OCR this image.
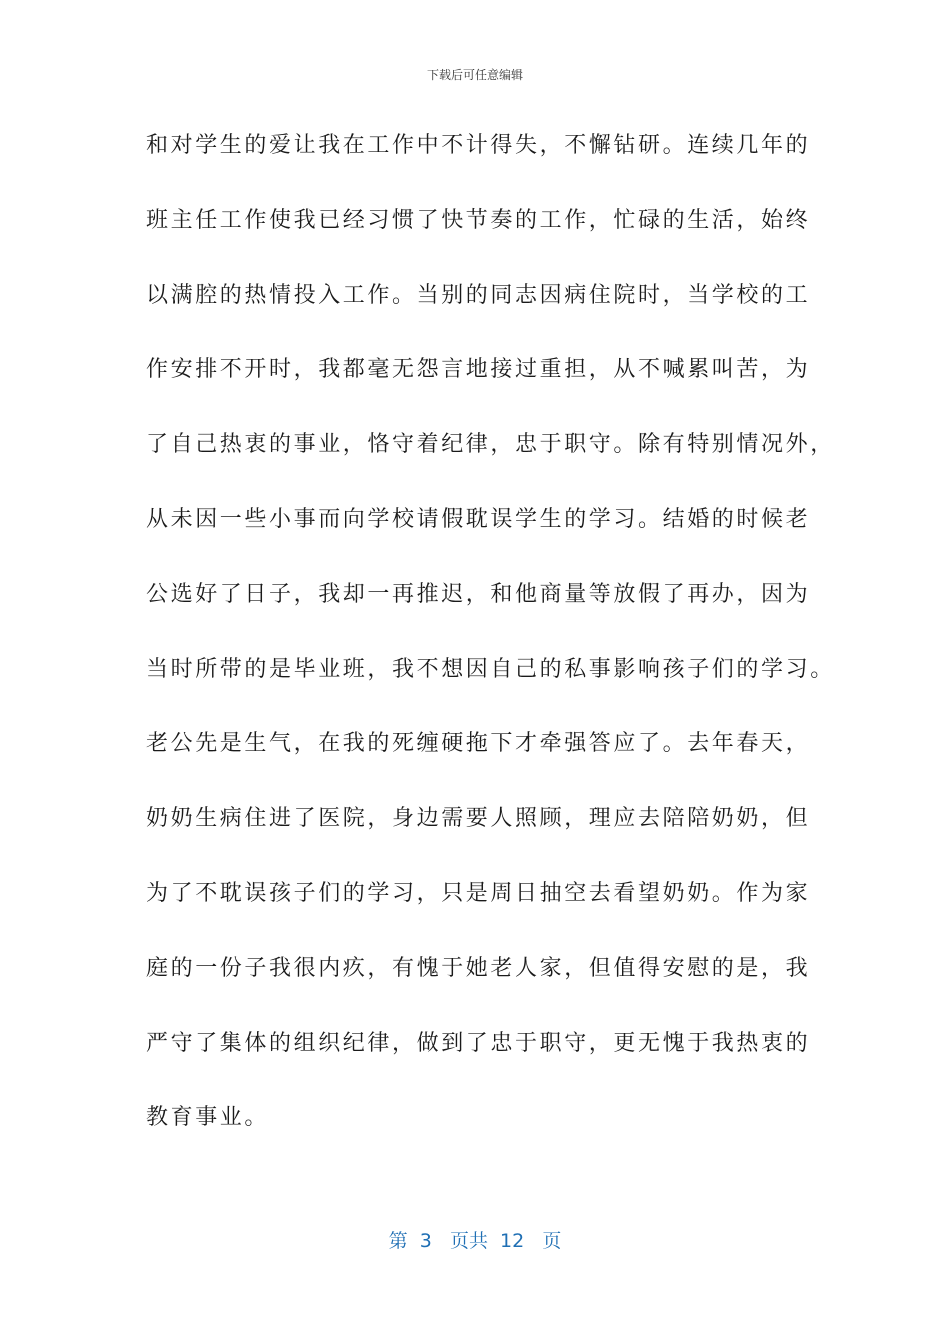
下载后可任意编辑
和对学生的爱让我在工作中不计得失，不懈钻研。连续几年的
班主任工作使我已经习惯了快节奏的工作，忙碌的生活，始终
以满腔的热情投入工作。当别的同志因病住院时，当学校的工
作安排不开时，我都毫无怨言地接过重担，从不喊累叫苦，为
了自己热衷的事业，恪守着纪律，忠于职守。除有特别情况外，
从未因一些小事而向学校请假耽误学生的学习。结婚的时候老
公选好了日子，我却一再推迟，和他商量等放假了再办，因为
当时所带的是毕业班，我不想因自己的私事影响孩子们的学习。
老公先是生气，在我的死缠硬拖下才牵强答应了。去年春天，
奶奶生病住进了医院，身边需要人照顾，理应去陪陪奶奶，但
为了不耽误孩子们的学习，只是周日抽空去看望奶奶。作为家
庭的一份子我很内疚，有愧于她老人家，但值得安慰的是，我
严守了集体的组织纪律，做到了忠于职守，更无愧于我热衷的
教育事业。
第  3   页共  12   页
